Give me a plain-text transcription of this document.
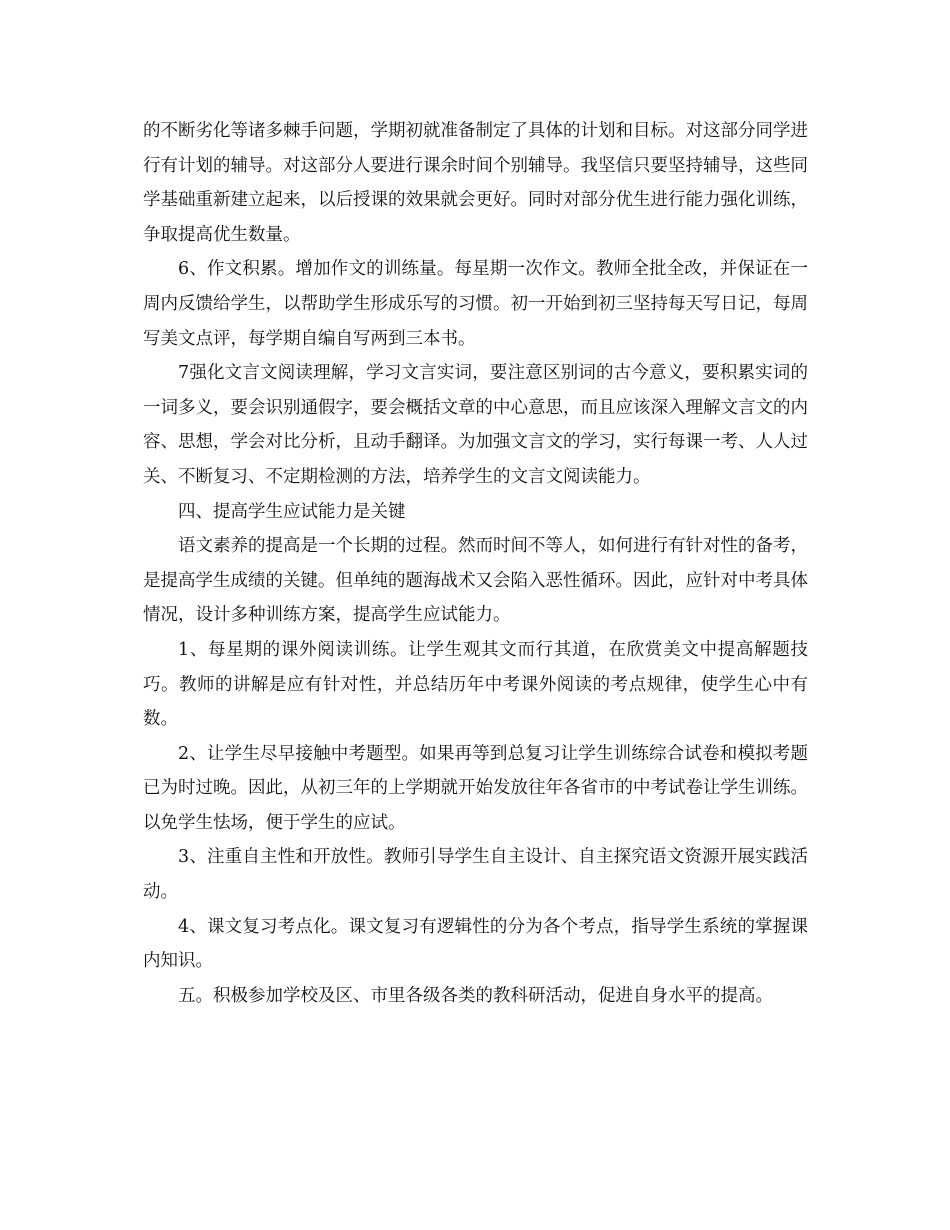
的不断劣化等诸多棘手问题，学期初就准备制定了具体的计划和目标。对这部分同学进行有计划的辅导。对这部分人要进行课余时间个别辅导。我坚信只要坚持辅导，这些同学基础重新建立起来，以后授课的效果就会更好。同时对部分优生进行能力强化训练，争取提高优生数量。

6、作文积累。增加作文的训练量。每星期一次作文。教师全批全改，并保证在一周内反馈给学生，以帮助学生形成乐写的习惯。初一开始到初三坚持每天写日记，每周写美文点评，每学期自编自写两到三本书。

7强化文言文阅读理解，学习文言实词，要注意区别词的古今意义，要积累实词的一词多义，要会识别通假字，要会概括文章的中心意思，而且应该深入理解文言文的内容、思想，学会对比分析，且动手翻译。为加强文言文的学习，实行每课一考、人人过关、不断复习、不定期检测的方法，培养学生的文言文阅读能力。

四、提高学生应试能力是关键

语文素养的提高是一个长期的过程。然而时间不等人，如何进行有针对性的备考，是提高学生成绩的关键。但单纯的题海战术又会陷入恶性循环。因此，应针对中考具体情况，设计多种训练方案，提高学生应试能力。

1、每星期的课外阅读训练。让学生观其文而行其道，在欣赏美文中提高解题技巧。教师的讲解是应有针对性，并总结历年中考课外阅读的考点规律，使学生心中有数。

2、让学生尽早接触中考题型。如果再等到总复习让学生训练综合试卷和模拟考题已为时过晚。因此，从初三年的上学期就开始发放往年各省市的中考试卷让学生训练。以免学生怯场，便于学生的应试。

3、注重自主性和开放性。教师引导学生自主设计、自主探究语文资源开展实践活动。

4、课文复习考点化。课文复习有逻辑性的分为各个考点，指导学生系统的掌握课内知识。

五。积极参加学校及区、市里各级各类的教科研活动，促进自身水平的提高。
